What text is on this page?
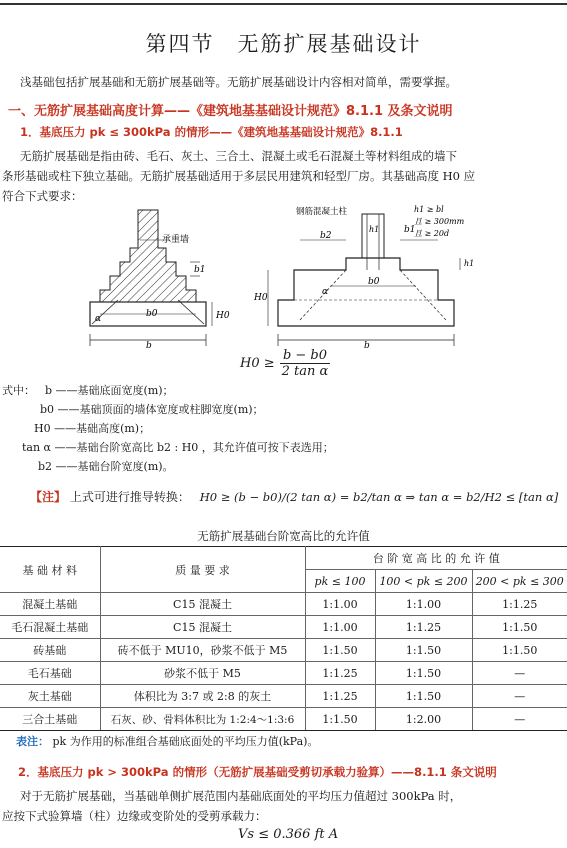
第四节　无筋扩展基础设计
浅基础包括扩展基础和无筋扩展基础等。无筋扩展基础设计内容相对简单，需要掌握。
一、无筋扩展基础高度计算——《建筑地基基础设计规范》8.1.1 及条文说明
1．基底压力 pk ≤ 300kPa 的情形——《建筑地基基础设计规范》8.1.1
无筋扩展基础是指由砖、毛石、灰土、三合土、混凝土或毛石混凝土等材料组成的墙下
条形基础或柱下独立基础。无筋扩展基础适用于多层民用建筑和轻型厂房。其基础高度 H0 应
符合下式要求：
承重墙
b0
b1
H0
α
b
钢筋混凝土柱	h1 ≥ bl
且 ≥ 300mm
且 ≥ 20d
h1
b2
b1
h1
b0
H0
α
b
$H0 \ge \frac{b - b0}{\text{2 tan α}}$
式中： b ——基础底面宽度(m)；
b0 ——基础顶面的墙体宽度或柱脚宽度(m)；
H0 ——基础高度(m)；
tan α ——基础台阶宽高比 b2 : H0 ，其允许值可按下表选用；
b2 ——基础台阶宽度(m)。
【注】 上式可进行推导转换： H0 ≥ (b − b0)/(2 tan α) = b2/tan α ⇒ tan α = b2/H2 ≤ [tan α]
无筋扩展基础台阶宽高比的允许值
基 础 材 料	质 量 要 求	台 阶 宽 高 比 的 允 许 值		
		pk ≤ 100	100 < pk ≤ 200	200 < pk ≤ 300
混凝土基础	C15 混凝土	1:1.00	1:1.00	1:1.25
毛石混凝土基础	C15 混凝土	1:1.00	1:1.25	1:1.50
砖基础	砖不低于 MU10，砂浆不低于 M5	1:1.50	1:1.50	1:1.50
毛石基础	砂浆不低于 M5	1:1.25	1:1.50	—
灰土基础	体积比为 3:7 或 2:8 的灰土	1:1.25	1:1.50	—
三合土基础	石灰、砂、骨料体积比为 1:2:4～1:3:6	1:1.50	1:2.00	—
表注： pk 为作用的标准组合基础底面处的平均压力值(kPa)。
2．基底压力 pk > 300kPa 的情形（无筋扩展基础受剪切承载力验算）——8.1.1 条文说明
对于无筋扩展基础，当基础单侧扩展范围内基础底面处的平均压力值超过 300kPa 时，
应按下式验算墙（柱）边缘或变阶处的受剪承载力：
Vs ≤ 0.366 ft A
